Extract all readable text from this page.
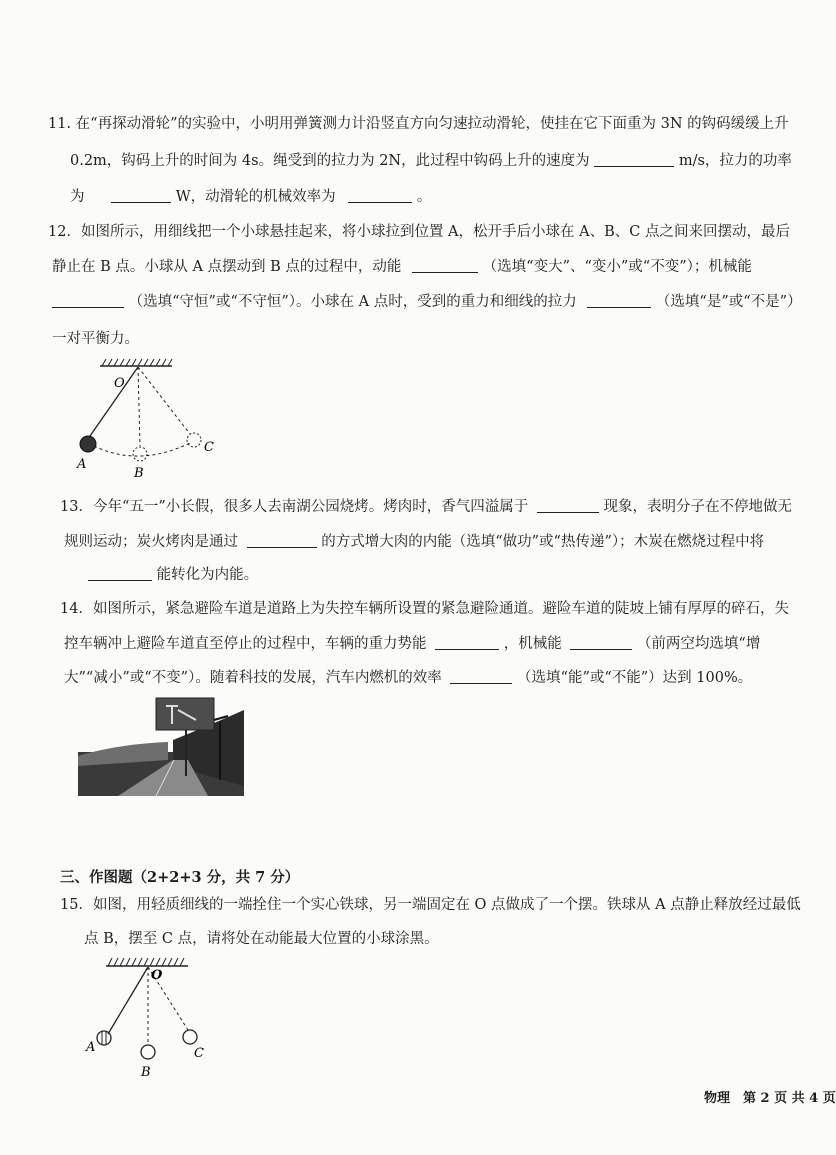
11. 在“再探动滑轮”的实验中，小明用弹簧测力计沿竖直方向匀速拉动滑轮，使挂在它下面重为 3N 的钩码缓缓上升
0.2m，钩码上升的时间为 4s。绳受到的拉力为 2N，此过程中钩码上升的速度为	m/s，拉力的功率
为	W，动滑轮的机械效率为	。
12．如图所示，用细线把一个小球悬挂起来，将小球拉到位置 A，松开手后小球在 A、B、C 点之间来回摆动，最后
静止在 B 点。小球从 A 点摆动到 B 点的过程中，动能	（选填“变大”、“变小”或“不变”）；机械能
（选填“守恒”或“不守恒”）。小球在 A 点时，受到的重力和细线的拉力	（选填“是”或“不是”）
一对平衡力。
O
A
B
C
13．今年“五一”小长假，很多人去南湖公园烧烤。烤肉时，香气四溢属于	现象，表明分子在不停地做无
规则运动；炭火烤肉是通过	的方式增大肉的内能（选填“做功”或“热传递”）；木炭在燃烧过程中将
能转化为内能。
14．如图所示，紧急避险车道是道路上为失控车辆所设置的紧急避险通道。避险车道的陡坡上铺有厚厚的碎石，失
控车辆冲上避险车道直至停止的过程中，车辆的重力势能	，机械能	（前两空均选填“增
大”“减小”或“不变”）。随着科技的发展，汽车内燃机的效率	（选填“能”或“不能”）达到 100%。
三、作图题（2+2+3 分，共 7 分）
15．如图，用轻质细线的一端拴住一个实心铁球，另一端固定在 O 点做成了一个摆。铁球从 A 点静止释放经过最低
点 B，摆至 C 点，请将处在动能最大位置的小球涂黑。
O
A
B
C
物理　第 2 页 共 4 页
